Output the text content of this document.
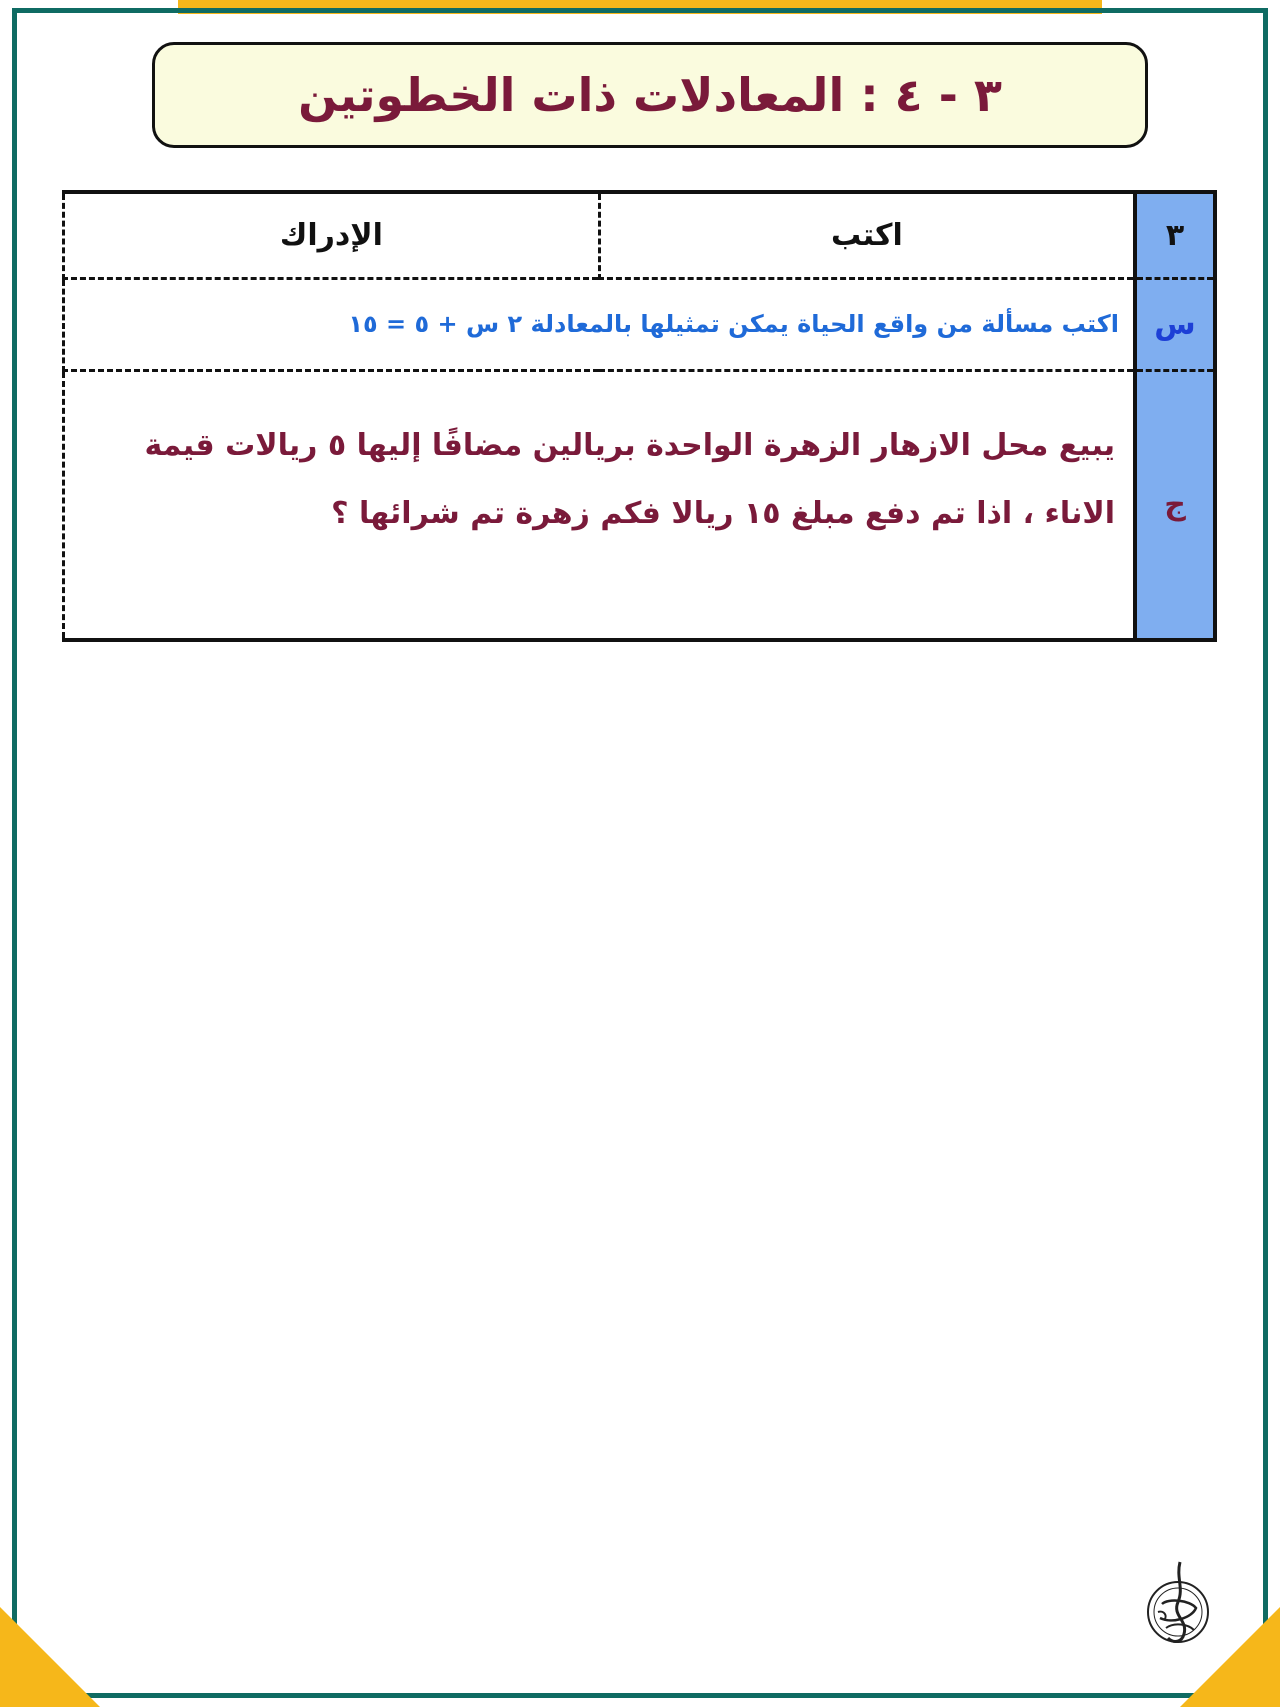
٣ - ٤ : المعادلات ذات الخطوتين
٣	اكتب	الإدراك
س	اكتب مسألة من واقع الحياة يمكن تمثيلها بالمعادلة ٢ س + ٥ = ١٥	
ج	يبيع محل الازهار الزهرة الواحدة بريالين مضافًا إليها ٥ ريالات قيمة
الاناء ، اذا تم دفع مبلغ ١٥ ريالا فكم زهرة تم شرائها ؟	
